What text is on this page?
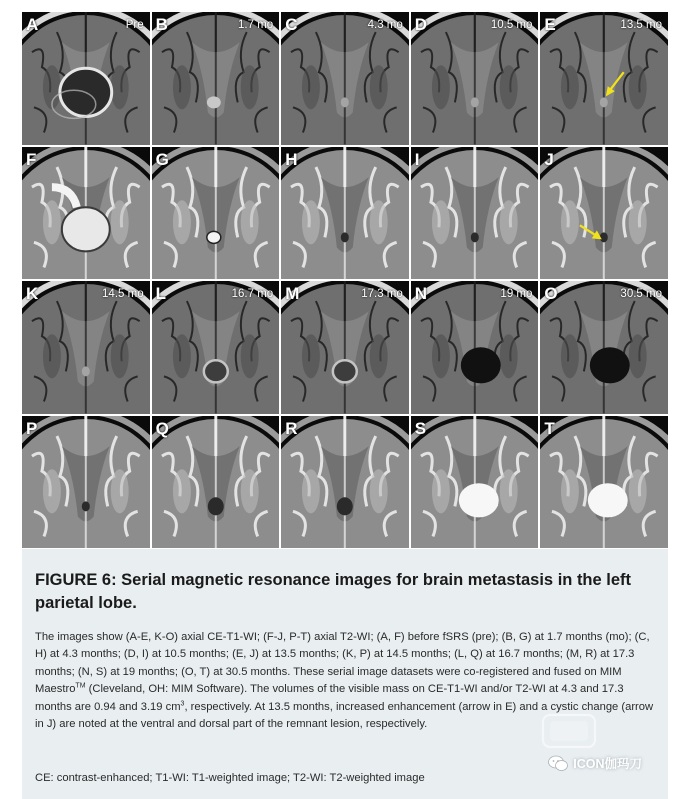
A	Pre B	1.7 mo C	4.3 mo D	10.5 mo E	13.5 mo
F	G	H	I	J
K	14.5 mo L	16.7 mo M	17.3 mo N	19 mo O	30.5 mo
P	Q	R	S	T
FIGURE 6: Serial magnetic resonance images for brain metastasis in the left parietal lobe.

The images show (A-E, K-O) axial CE-T1-WI; (F-J, P-T) axial T2-WI; (A, F) before fSRS (pre); (B, G) at 1.7 months (mo); (C, H) at 4.3 months; (D, I) at 10.5 months; (E, J) at 13.5 months; (K, P) at 14.5 months; (L, Q) at 16.7 months; (M, R) at 17.3 months; (N, S) at 19 months; (O, T) at 30.5 months. These serial image datasets were co-registered and fused on MIM Maestro™ (Cleveland, OH: MIM Software). The volumes of the visible mass on CE-T1-WI and/or T2-WI at 4.3 and 17.3 months are 0.94 and 3.19 $cm^3$, respectively. At 13.5 months, increased enhancement (arrow in E) and a cystic change (arrow in J) are noted at the ventral and dorsal part of the remnant lesion, respectively.

CE: contrast-enhanced; T1-WI: T1-weighted image; T2-WI: T2-weighted image

ICON伽玛刀
